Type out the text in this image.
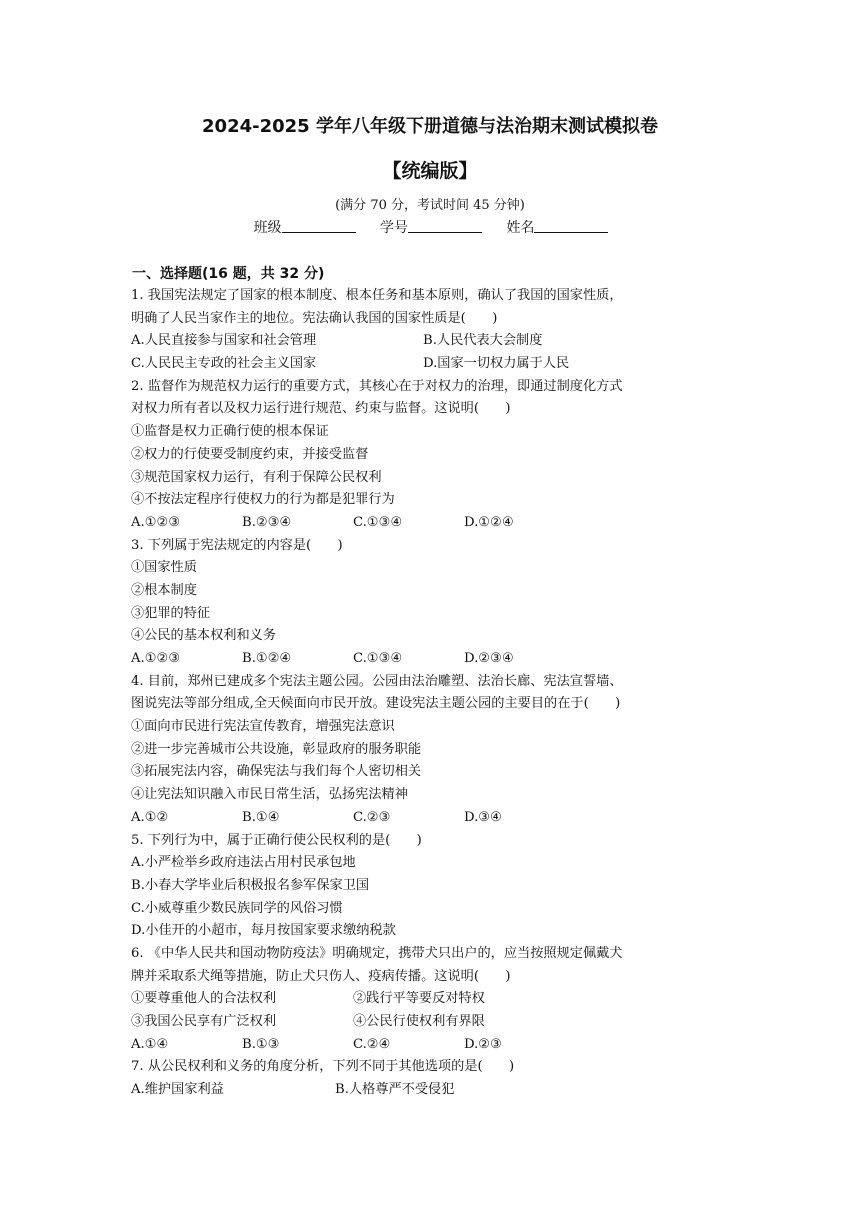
2024-2025 学年八年级下册道德与法治期末测试模拟卷
【统编版】
(满分 70 分，考试时间 45 分钟)
班级	学号	姓名
一、选择题(16 题，共 32 分)
1. 我国宪法规定了国家的根本制度、根本任务和基本原则，确认了我国的国家性质，
明确了人民当家作主的地位。宪法确认我国的国家性质是(　　)
A.人民直接参与国家和社会管理	B.人民代表大会制度
C.人民民主专政的社会主义国家	D.国家一切权力属于人民
2. 监督作为规范权力运行的重要方式，其核心在于对权力的治理，即通过制度化方式
对权力所有者以及权力运行进行规范、约束与监督。这说明(　　)
①监督是权力正确行使的根本保证
②权力的行使要受制度约束，并接受监督
③规范国家权力运行，有利于保障公民权利
④不按法定程序行使权力的行为都是犯罪行为
A.①②③	B.②③④	C.①③④	D.①②④
3. 下列属于宪法规定的内容是(　　)
①国家性质
②根本制度
③犯罪的特征
④公民的基本权利和义务
A.①②③	B.①②④	C.①③④	D.②③④
4. 目前，郑州已建成多个宪法主题公园。公园由法治雕塑、法治长廊、宪法宣誓墙、
图说宪法等部分组成,全天候面向市民开放。建设宪法主题公园的主要目的在于(　　)
①面向市民进行宪法宣传教育，增强宪法意识
②进一步完善城市公共设施，彰显政府的服务职能
③拓展宪法内容，确保宪法与我们每个人密切相关
④让宪法知识融入市民日常生活，弘扬宪法精神
A.①②	B.①④	C.②③	D.③④
5. 下列行为中，属于正确行使公民权利的是(　　)
A.小严检举乡政府违法占用村民承包地
B.小春大学毕业后积极报名参军保家卫国
C.小威尊重少数民族同学的风俗习惯
D.小佳开的小超市，每月按国家要求缴纳税款
6. 《中华人民共和国动物防疫法》明确规定，携带犬只出户的，应当按照规定佩戴犬
牌并采取系犬绳等措施，防止犬只伤人、疫病传播。这说明(　　)
①要尊重他人的合法权利	②践行平等要反对特权
③我国公民享有广泛权利	④公民行使权利有界限
A.①④	B.①③	C.②④	D.②③
7. 从公民权利和义务的角度分析，下列不同于其他选项的是(　　)
A.维护国家利益	B.人格尊严不受侵犯
